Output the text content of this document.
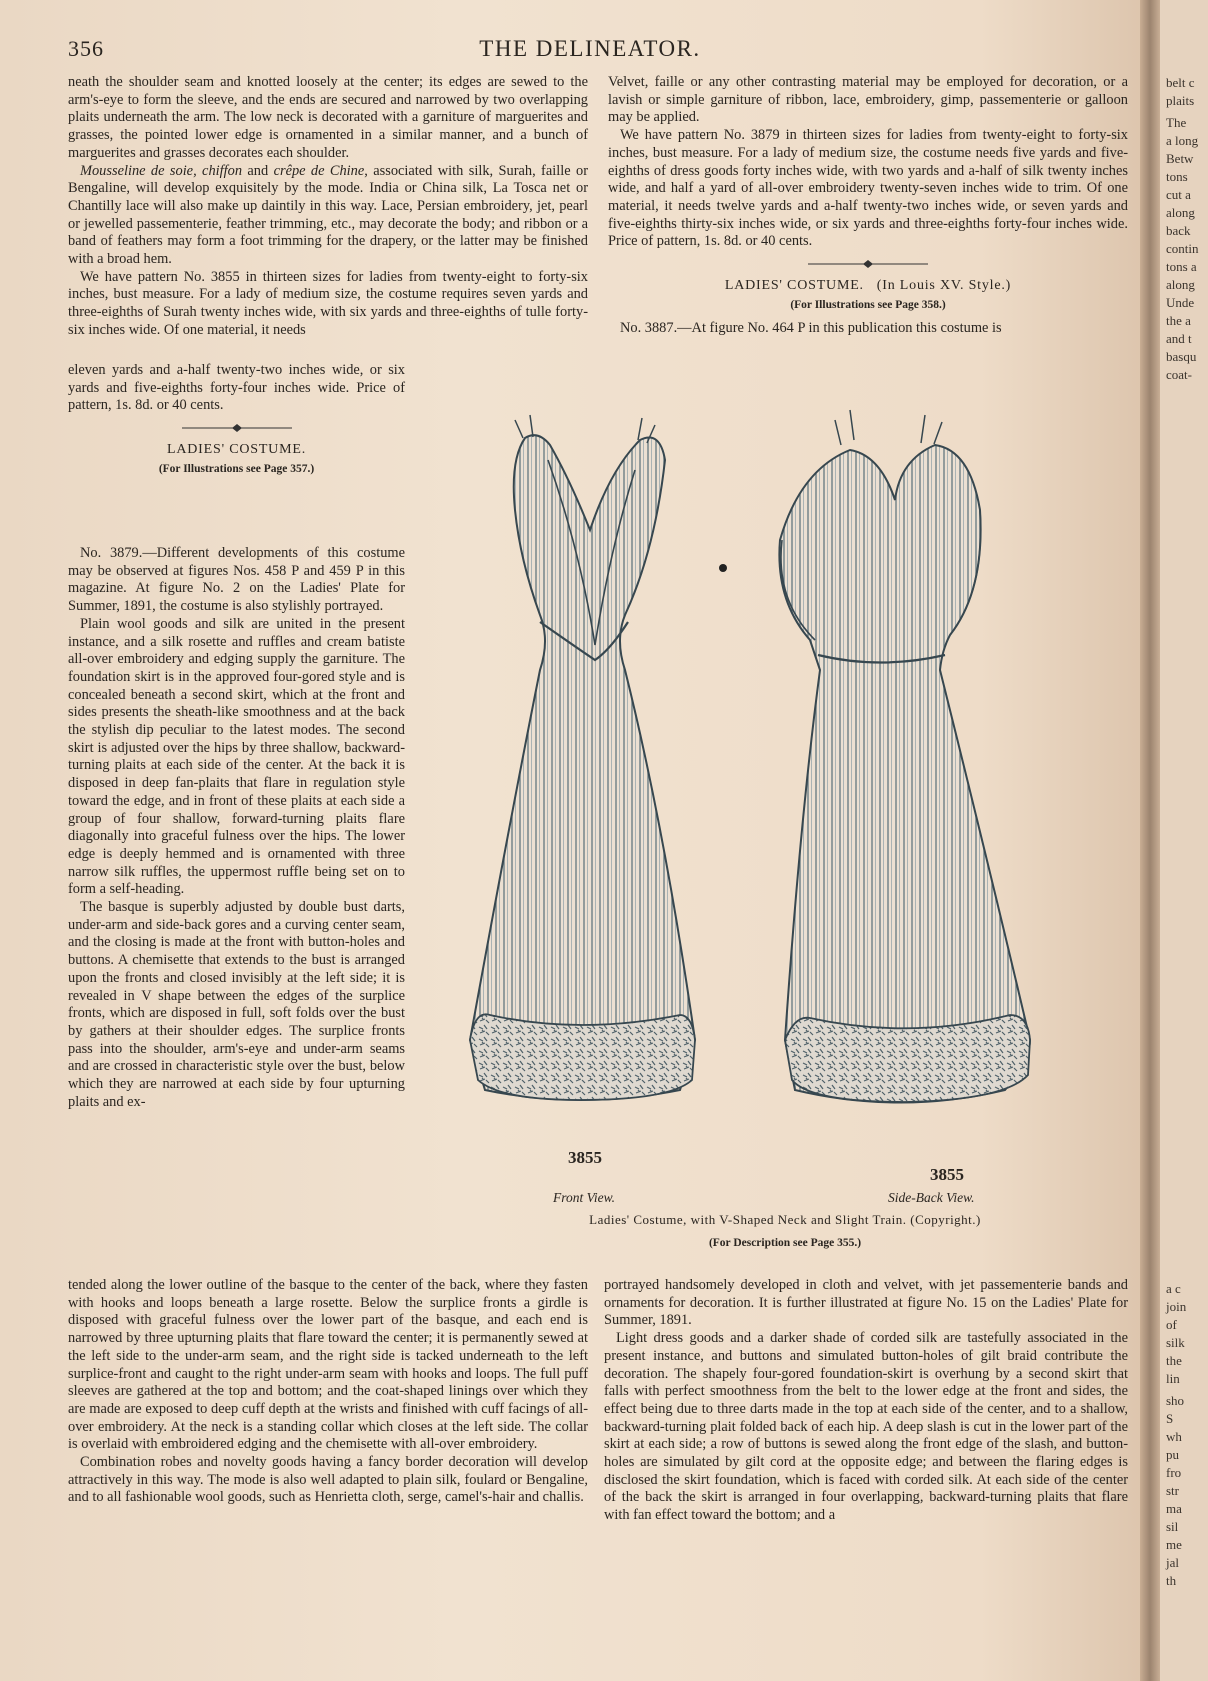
356	THE DELINEATOR.

neath the shoulder seam and knotted loosely at the center; its edges are sewed to the arm's-eye to form the sleeve, and the ends are secured and narrowed by two overlapping plaits underneath the arm. The low neck is decorated with a garniture of marguerites and grasses, the pointed lower edge is ornamented in a similar manner, and a bunch of marguerites and grasses decorates each shoulder.

Mousseline de soie, chiffon and crêpe de Chine, associated with silk, Surah, faille or Bengaline, will develop exquisitely by the mode. India or China silk, La Tosca net or Chantilly lace will also make up daintily in this way. Lace, Persian embroidery, jet, pearl or jewelled passementerie, feather trimming, etc., may decorate the body; and ribbon or a band of feathers may form a foot trimming for the drapery, or the latter may be finished with a broad hem.

We have pattern No. 3855 in thirteen sizes for ladies from twenty-eight to forty-six inches, bust measure. For a lady of medium size, the costume requires seven yards and three-eighths of Surah twenty inches wide, with six yards and three-eighths of tulle forty-six inches wide. Of one material, it needs

eleven yards and a-half twenty-two inches wide, or six yards and five-eighths forty-four inches wide. Price of pattern, 1s. 8d. or 40 cents.

LADIES' COSTUME.

(For Illustrations see Page 357.)

No. 3879.—Different developments of this costume may be observed at figures Nos. 458 P and 459 P in this magazine. At figure No. 2 on the Ladies' Plate for Summer, 1891, the costume is also stylishly portrayed.

Plain wool goods and silk are united in the present instance, and a silk rosette and ruffles and cream batiste all-over embroidery and edging supply the garniture. The foundation skirt is in the approved four-gored style and is concealed beneath a second skirt, which at the front and sides presents the sheath-like smoothness and at the back the stylish dip peculiar to the latest modes. The second skirt is adjusted over the hips by three shallow, backward-turning plaits at each side of the center. At the back it is disposed in deep fan-plaits that flare in regulation style toward the edge, and in front of these plaits at each side a group of four shallow, forward-turning plaits flare diagonally into graceful fulness over the hips. The lower edge is deeply hemmed and is ornamented with three narrow silk ruffles, the uppermost ruffle being set on to form a self-heading.

The basque is superbly adjusted by double bust darts, under-arm and side-back gores and a curving center seam, and the closing is made at the front with button-holes and buttons. A chemisette that extends to the bust is arranged upon the fronts and closed invisibly at the left side; it is revealed in V shape between the edges of the surplice fronts, which are disposed in full, soft folds over the bust by gathers at their shoulder edges. The surplice fronts pass into the shoulder, arm's-eye and under-arm seams and are crossed in characteristic style over the bust, below which they are narrowed at each side by four upturning plaits and ex-

tended along the lower outline of the basque to the center of the back, where they fasten with hooks and loops beneath a large rosette. Below the surplice fronts a girdle is disposed with graceful fulness over the lower part of the basque, and each end is narrowed by three upturning plaits that flare toward the center; it is permanently sewed at the left side to the under-arm seam, and the right side is tacked underneath to the left surplice-front and caught to the right under-arm seam with hooks and loops. The full puff sleeves are gathered at the top and bottom; and the coat-shaped linings over which they are made are exposed to deep cuff depth at the wrists and finished with cuff facings of all-over embroidery. At the neck is a standing collar which closes at the left side. The collar is overlaid with embroidered edging and the chemisette with all-over embroidery.

Combination robes and novelty goods having a fancy border decoration will develop attractively in this way. The mode is also well adapted to plain silk, foulard or Bengaline, and to all fashionable wool goods, such as Henrietta cloth, serge, camel's-hair and challis.

Velvet, faille or any other contrasting material may be employed for decoration, or a lavish or simple garniture of ribbon, lace, embroidery, gimp, passementerie or galloon may be applied.

We have pattern No. 3879 in thirteen sizes for ladies from twenty-eight to forty-six inches, bust measure. For a lady of medium size, the costume needs five yards and five-eighths of dress goods forty inches wide, with two yards and a-half of silk twenty inches wide, and half a yard of all-over embroidery twenty-seven inches wide to trim. Of one material, it needs twelve yards and a-half twenty-two inches wide, or seven yards and five-eighths thirty-six inches wide, or six yards and three-eighths forty-four inches wide. Price of pattern, 1s. 8d. or 40 cents.

LADIES' COSTUME. (In Louis XV. Style.)

(For Illustrations see Page 358.)

No. 3887.—At figure No. 464 P in this publication this costume is

3855
3855
Front View.	Side-Back View.
Ladies' Costume, with V-Shaped Neck and Slight Train. (Copyright.)
(For Description see Page 355.)

portrayed handsomely developed in cloth and velvet, with jet passementerie bands and ornaments for decoration. It is further illustrated at figure No. 15 on the Ladies' Plate for Summer, 1891.

Light dress goods and a darker shade of corded silk are tastefully associated in the present instance, and buttons and simulated button-holes of gilt braid contribute the decoration. The shapely four-gored foundation-skirt is overhung by a second skirt that falls with perfect smoothness from the belt to the lower edge at the front and sides, the effect being due to three darts made in the top at each side of the center, and to a shallow, backward-turning plait folded back of each hip. A deep slash is cut in the lower part of the skirt at each side; a row of buttons is sewed along the front edge of the slash, and button-holes are simulated by gilt cord at the opposite edge; and between the flaring edges is disclosed the skirt foundation, which is faced with corded silk. At each side of the center of the back the skirt is arranged in four overlapping, backward-turning plaits that flare with fan effect toward the bottom; and a

belt c
plaits
The
a long
Betw
tons
cut a
along
back
contin
tons a
along
Unde
the a
and t
basqu
coat-
a c
join
of
silk
the
lin
sho
S
wh
pu
fro
str
ma
sil
me
jal
th
